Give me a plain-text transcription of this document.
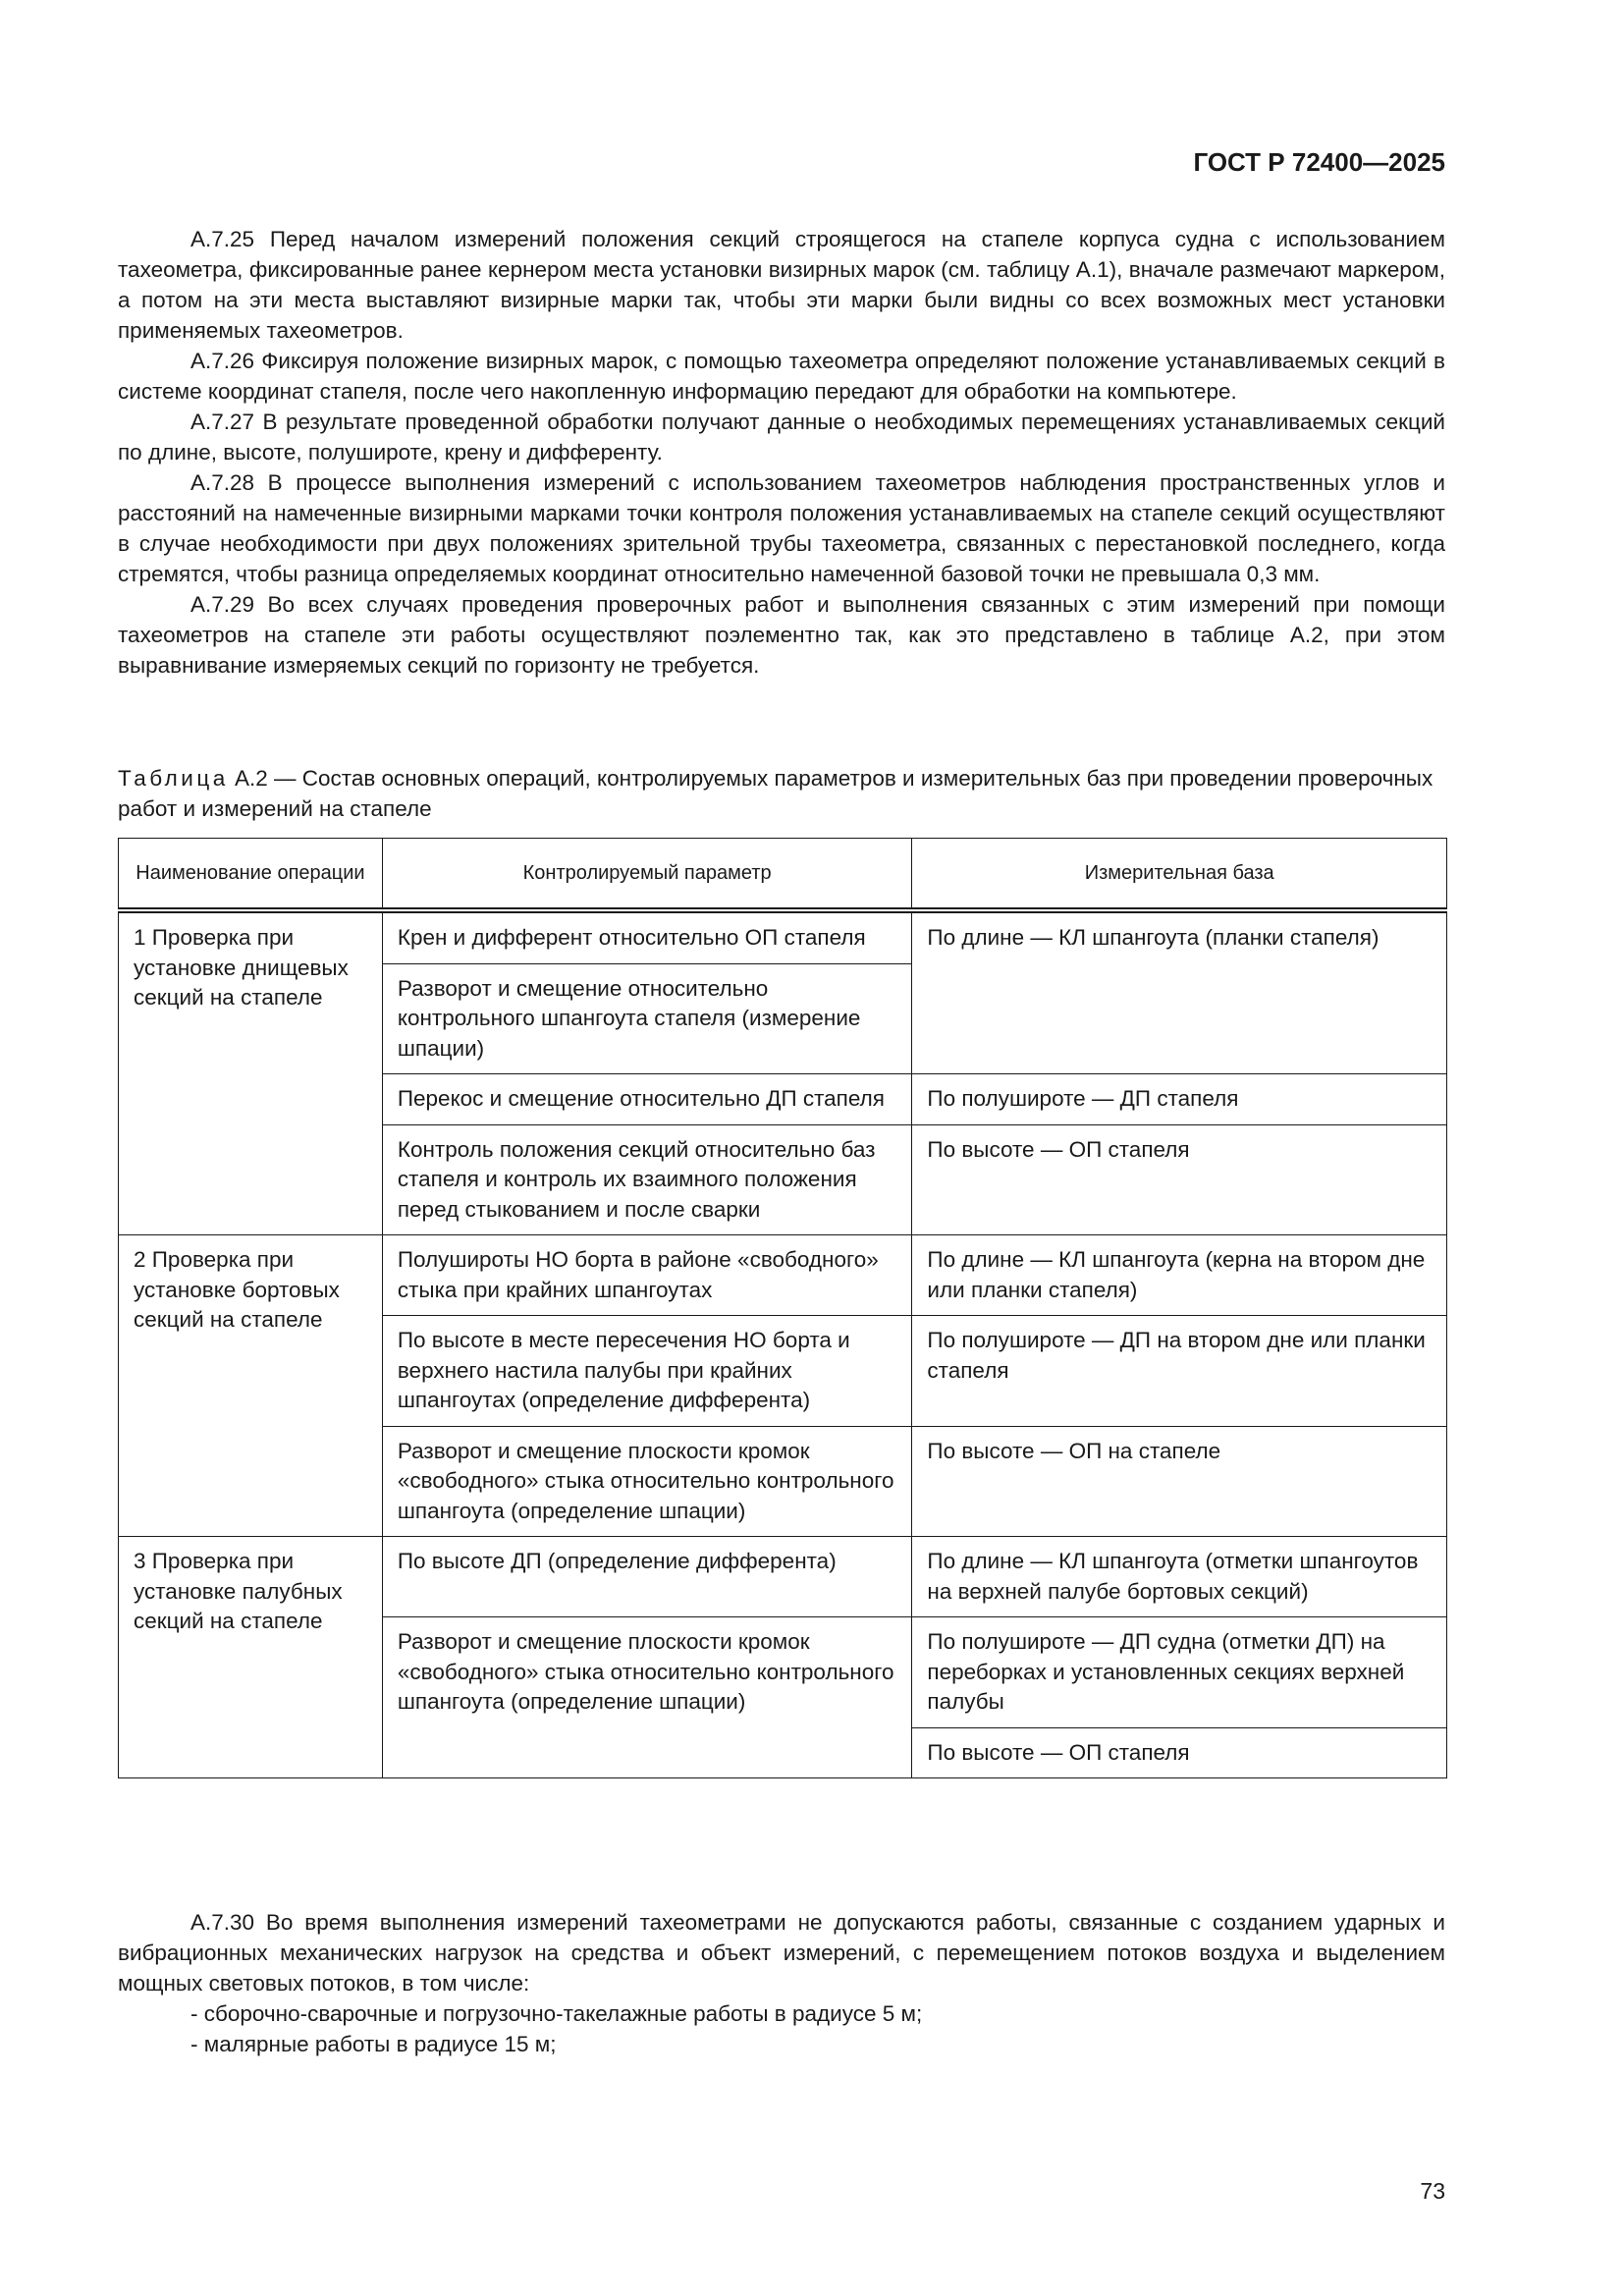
ГОСТ Р 72400—2025

А.7.25 Перед началом измерений положения секций строящегося на стапеле корпуса судна с использованием тахеометра, фиксированные ранее кернером места установки визирных марок (см. таблицу А.1), вначале размечают маркером, а потом на эти места выставляют визирные марки так, чтобы эти марки были видны со всех возможных мест установки применяемых тахеометров.

А.7.26 Фиксируя положение визирных марок, с помощью тахеометра определяют положение устанавливаемых секций в системе координат стапеля, после чего накопленную информацию передают для обработки на компьютере.

А.7.27 В результате проведенной обработки получают данные о необходимых перемещениях устанавливаемых секций по длине, высоте, полушироте, крену и дифференту.

А.7.28 В процессе выполнения измерений с использованием тахеометров наблюдения пространственных углов и расстояний на намеченные визирными марками точки контроля положения устанавливаемых на стапеле секций осуществляют в случае необходимости при двух положениях зрительной трубы тахеометра, связанных с перестановкой последнего, когда стремятся, чтобы разница определяемых координат относительно намеченной базовой точки не превышала 0,3 мм.

А.7.29 Во всех случаях проведения проверочных работ и выполнения связанных с этим измерений при помощи тахеометров на стапеле эти работы осуществляют поэлементно так, как это представлено в таблице А.2, при этом выравнивание измеряемых секций по горизонту не требуется.

Таблица А.2 — Состав основных операций, контролируемых параметров и измерительных баз при проведении проверочных работ и измерений на стапеле
Наименование операции	Контролируемый параметр	Измерительная база
1 Проверка при установке днищевых секций на стапеле	Крен и дифферент относительно ОП стапеля	По длине — КЛ шпангоута (планки стапеля)
	Разворот и смещение относительно контрольного шпангоута стапеля (измерение шпации)	
	Перекос и смещение относительно ДП стапеля	По полушироте — ДП стапеля
	Контроль положения секций относительно баз стапеля и контроль их взаимного положения перед стыкованием и после сварки	По высоте — ОП стапеля
2 Проверка при установке бортовых секций на стапеле	Полушироты НО борта в районе «свободного» стыка при крайних шпангоутах	По длине — КЛ шпангоута (керна на втором дне или планки стапеля)
	По высоте в месте пересечения НО борта и верхнего настила палубы при крайних шпангоутах (определение дифферента)	По полушироте — ДП на втором дне или планки стапеля
	Разворот и смещение плоскости кромок «свободного» стыка относительно контрольного шпангоута (определение шпации)	По высоте — ОП на стапеле
3 Проверка при установке палубных секций на стапеле	По высоте ДП (определение дифферента)	По длине — КЛ шпангоута (отметки шпангоутов на верхней палубе бортовых секций)
	Разворот и смещение плоскости кромок «свободного» стыка относительно контрольного шпангоута (определение шпации)	По полушироте — ДП судна (отметки ДП) на переборках и установленных секциях верхней палубы
		По высоте — ОП стапеля

А.7.30 Во время выполнения измерений тахеометрами не допускаются работы, связанные с созданием ударных и вибрационных механических нагрузок на средства и объект измерений, с перемещением потоков воздуха и выделением мощных световых потоков, в том числе:

- сборочно-сварочные и погрузочно-такелажные работы в радиусе 5 м;

- малярные работы в радиусе 15 м;

73
